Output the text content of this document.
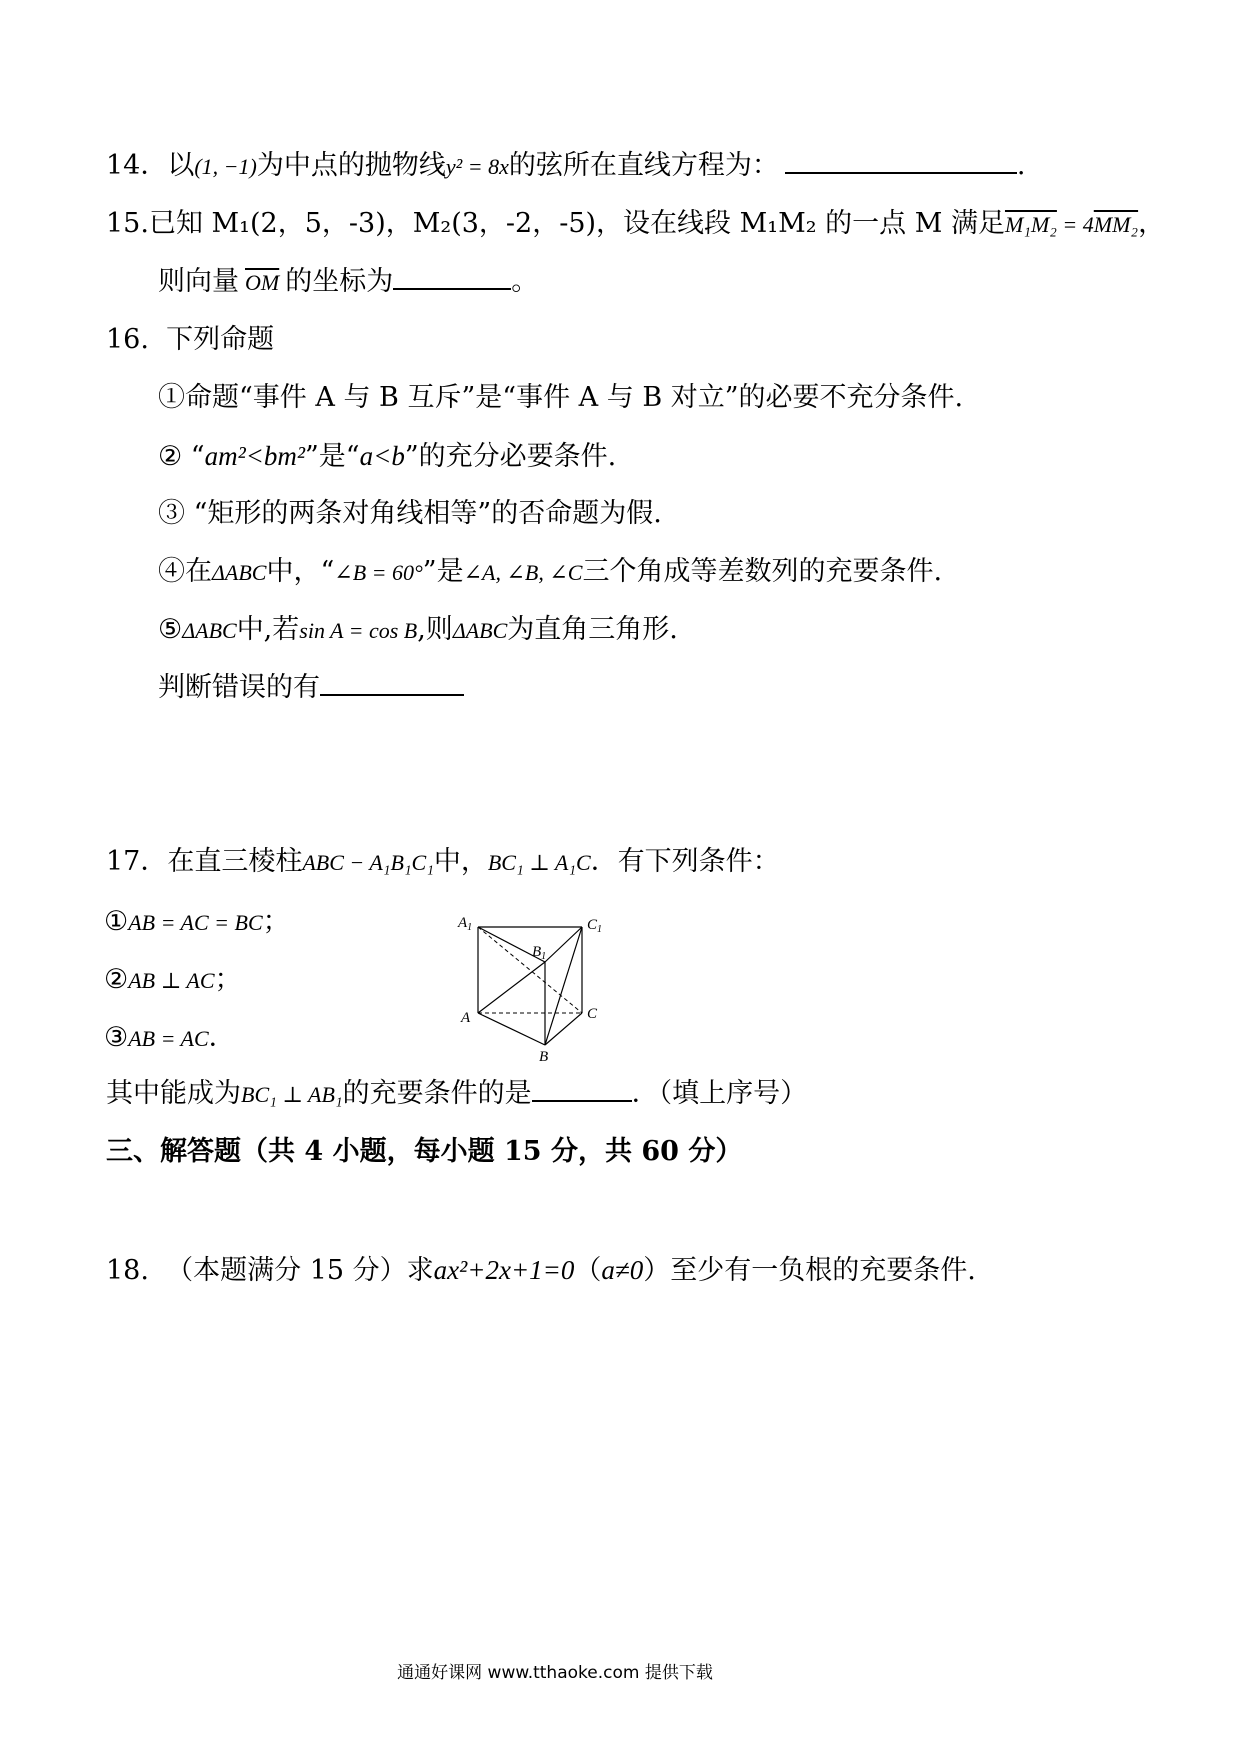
14．以(1, −1)为中点的抛物线y² = 8x的弦所在直线方程为：	.
15.已知 M₁(2，5，-3)，M₂(3，-2，-5)，设在线段 M₁M₂ 的一点 M 满足M₁M₂ = 4MM₂，
则向量 $\overline{OM}$ 的坐标为	。
16. 下列命题
①命题“事件 A 与 B 互斥”是“事件 A 与 B 对立”的必要不充分条件.
② “am²<bm²”是“a<b”的充分必要条件.
③ “矩形的两条对角线相等”的否命题为假.
④在ΔABC中，“∠B = 60°”是∠A, ∠B, ∠C三个角成等差数列的充要条件.
⑤ΔABC中,若sin A = cos B,则ΔABC为直角三角形.
判断错误的有
17．在直三棱柱ABC − A₁B₁C₁中，BC₁ ⊥ A₁C．有下列条件：
①AB = AC = BC；
②AB ⊥ AC；
③AB = AC．
$A_1$	$C_1$
$B_1$
A	C
B
其中能成为BC₁ ⊥ AB₁的充要条件的是	．（填上序号）
三、解答题（共 4 小题，每小题 15 分，共 60 分）
18. （本题满分 15 分）求ax²+2x+1=0（a≠0）至少有一负根的充要条件.
通通好课网 www.tthaoke.com 提供下载
